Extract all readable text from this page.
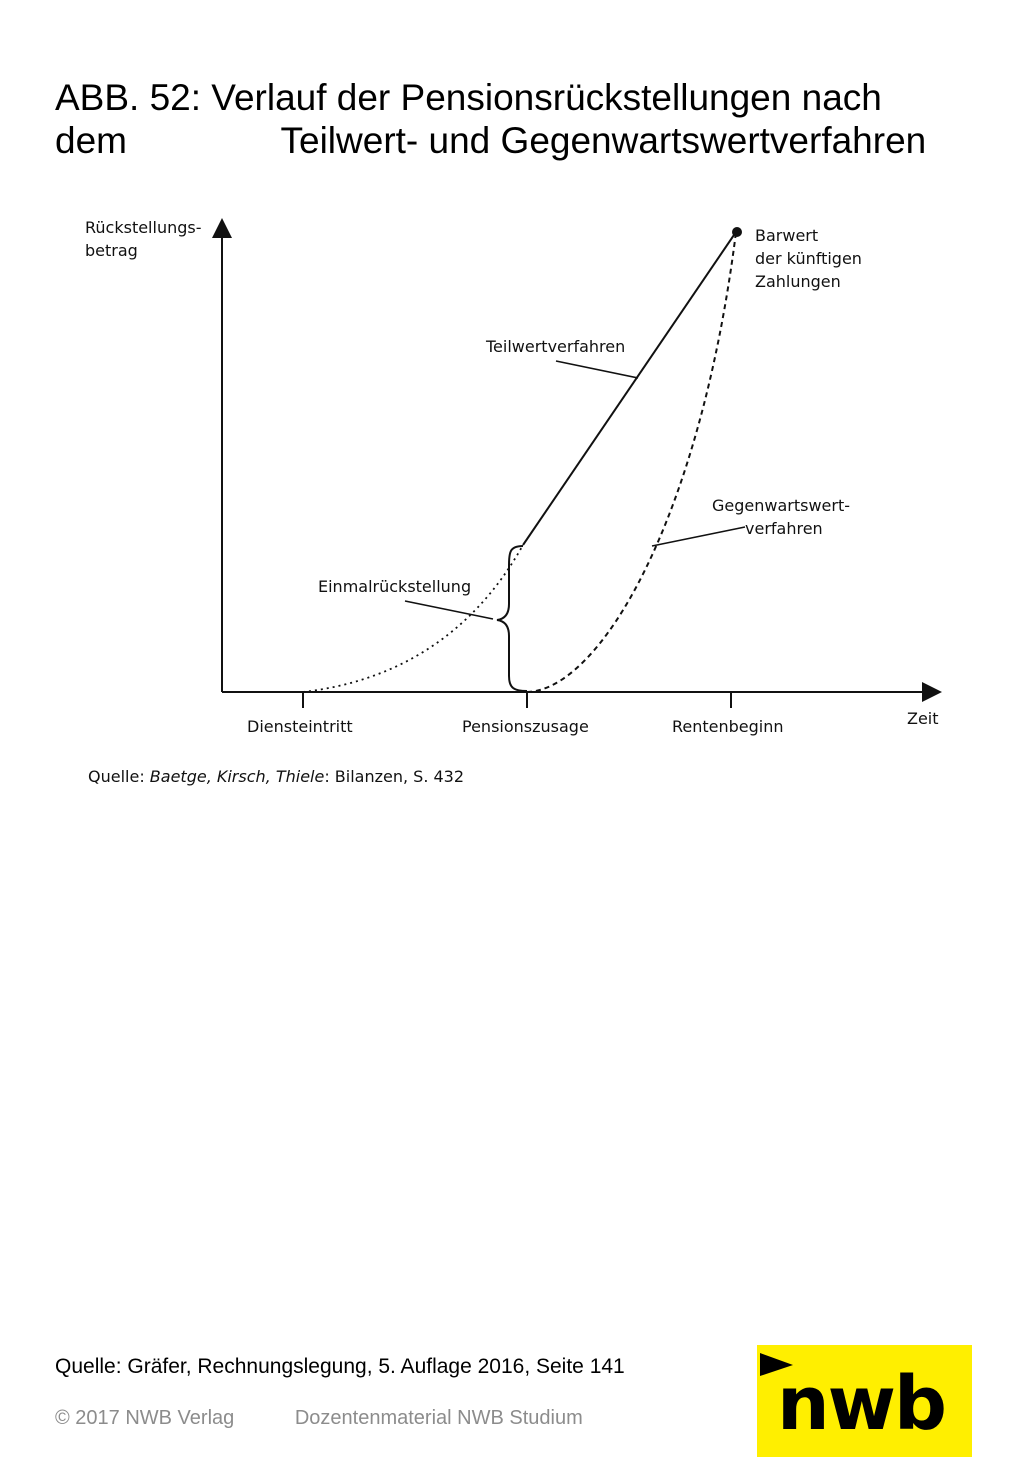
ABB. 52: Verlauf der Pensionsrückstellungen nach
dem               Teilwert- und Gegenwartswertverfahren
Rückstellungs-
betrag
Barwert
der künftigen
Zahlungen
Teilwertverfahren
Gegenwartswert-
verfahren
Einmalrückstellung
Diensteintritt	Pensionszusage	Rentenbeginn	Zeit
Quelle: Baetge, Kirsch, Thiele: Bilanzen, S. 432
Quelle: Gräfer, Rechnungslegung, 5. Auflage 2016, Seite 141
© 2017 NWB Verlag	Dozentenmaterial NWB Studium	nwb
